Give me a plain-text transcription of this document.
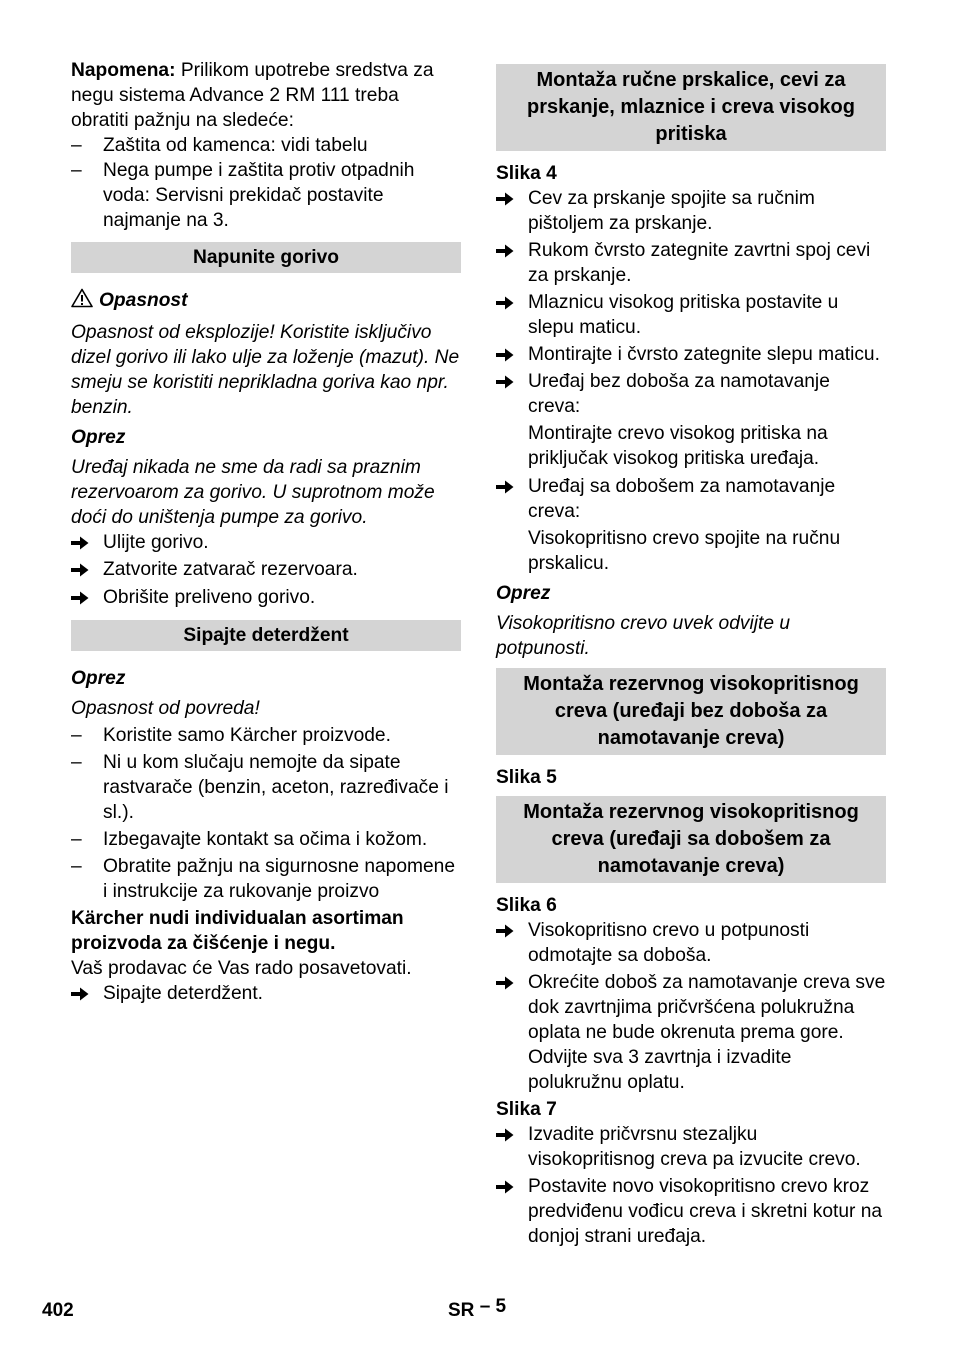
Napomena: Prilikom upotrebe sredstva za negu sistema Advance 2 RM 111 treba obratiti pažnju na sledeće:

–	Zaštita od kamenca: vidi tabelu
–	Nega pumpe i zaštita protiv otpadnih voda: Servisni prekidač postavite najmanje na 3.
Napunite gorivo

Opasnost

Opasnost od eksplozije! Koristite isključivo dizel gorivo ili lako ulje za loženje (mazut). Ne smeju se koristiti neprikladna goriva kao npr. benzin.

Oprez

Uređaj nikada ne sme da radi sa praznim rezervoarom za gorivo. U suprotnom može doći do uništenja pumpe za gorivo.

Ulijte gorivo.
Zatvorite zatvarač rezervoara.
Obrišite preliveno gorivo.
Sipajte deterdžent

Oprez

Opasnost od povreda!

–	Koristite samo Kärcher proizvode.
–	Ni u kom slučaju nemojte da sipate rastvarače (benzin, aceton, razređivače i sl.).
–	Izbegavajte kontakt sa očima i kožom.
–	Obratite pažnju na sigurnosne napomene i instrukcije za rukovanje proizvo

Kärcher nudi individualan asortiman proizvoda za čišćenje i negu.

Vaš prodavac će Vas rado posavetovati.

Sipajte deterdžent.
Montaža ručne prskalice, cevi za prskanje, mlaznice i creva visokog pritiska

Slika 4

Cev za prskanje spojite sa ručnim pištoljem za prskanje.
Rukom čvrsto zategnite zavrtni spoj cevi za prskanje.
Mlaznicu visokog pritiska postavite u slepu maticu.
Montirajte i čvrsto zategnite slepu maticu.
Uređaj bez doboša za namotavanje creva:

Montirajte crevo visokog pritiska na priključak visokog pritiska uređaja.

Uređaj sa dobošem za namotavanje creva:

Visokopritisno crevo spojite na ručnu prskalicu.

Oprez

Visokopritisno crevo uvek odvijte u potpunosti.

Montaža rezervnog visokopritisnog creva (uređaji bez doboša za namotavanje creva)

Slika 5

Montaža rezervnog visokopritisnog creva (uređaji sa dobošem za namotavanje creva)

Slika 6

Visokopritisno crevo u potpunosti odmotajte sa doboša.
Okrećite doboš za namotavanje creva sve dok zavrtnjima pričvršćena polukružna oplata ne bude okrenuta prema gore. Odvijte sva 3 zavrtnja i izvadite polukružnu oplatu.

Slika 7

Izvadite pričvrsnu stezaljku visokopritisnog creva pa izvucite crevo.
Postavite novo visokopritisno crevo kroz predviđenu vođicu creva i skretni kotur na donjoj strani uređaja.
402	SR – 5
